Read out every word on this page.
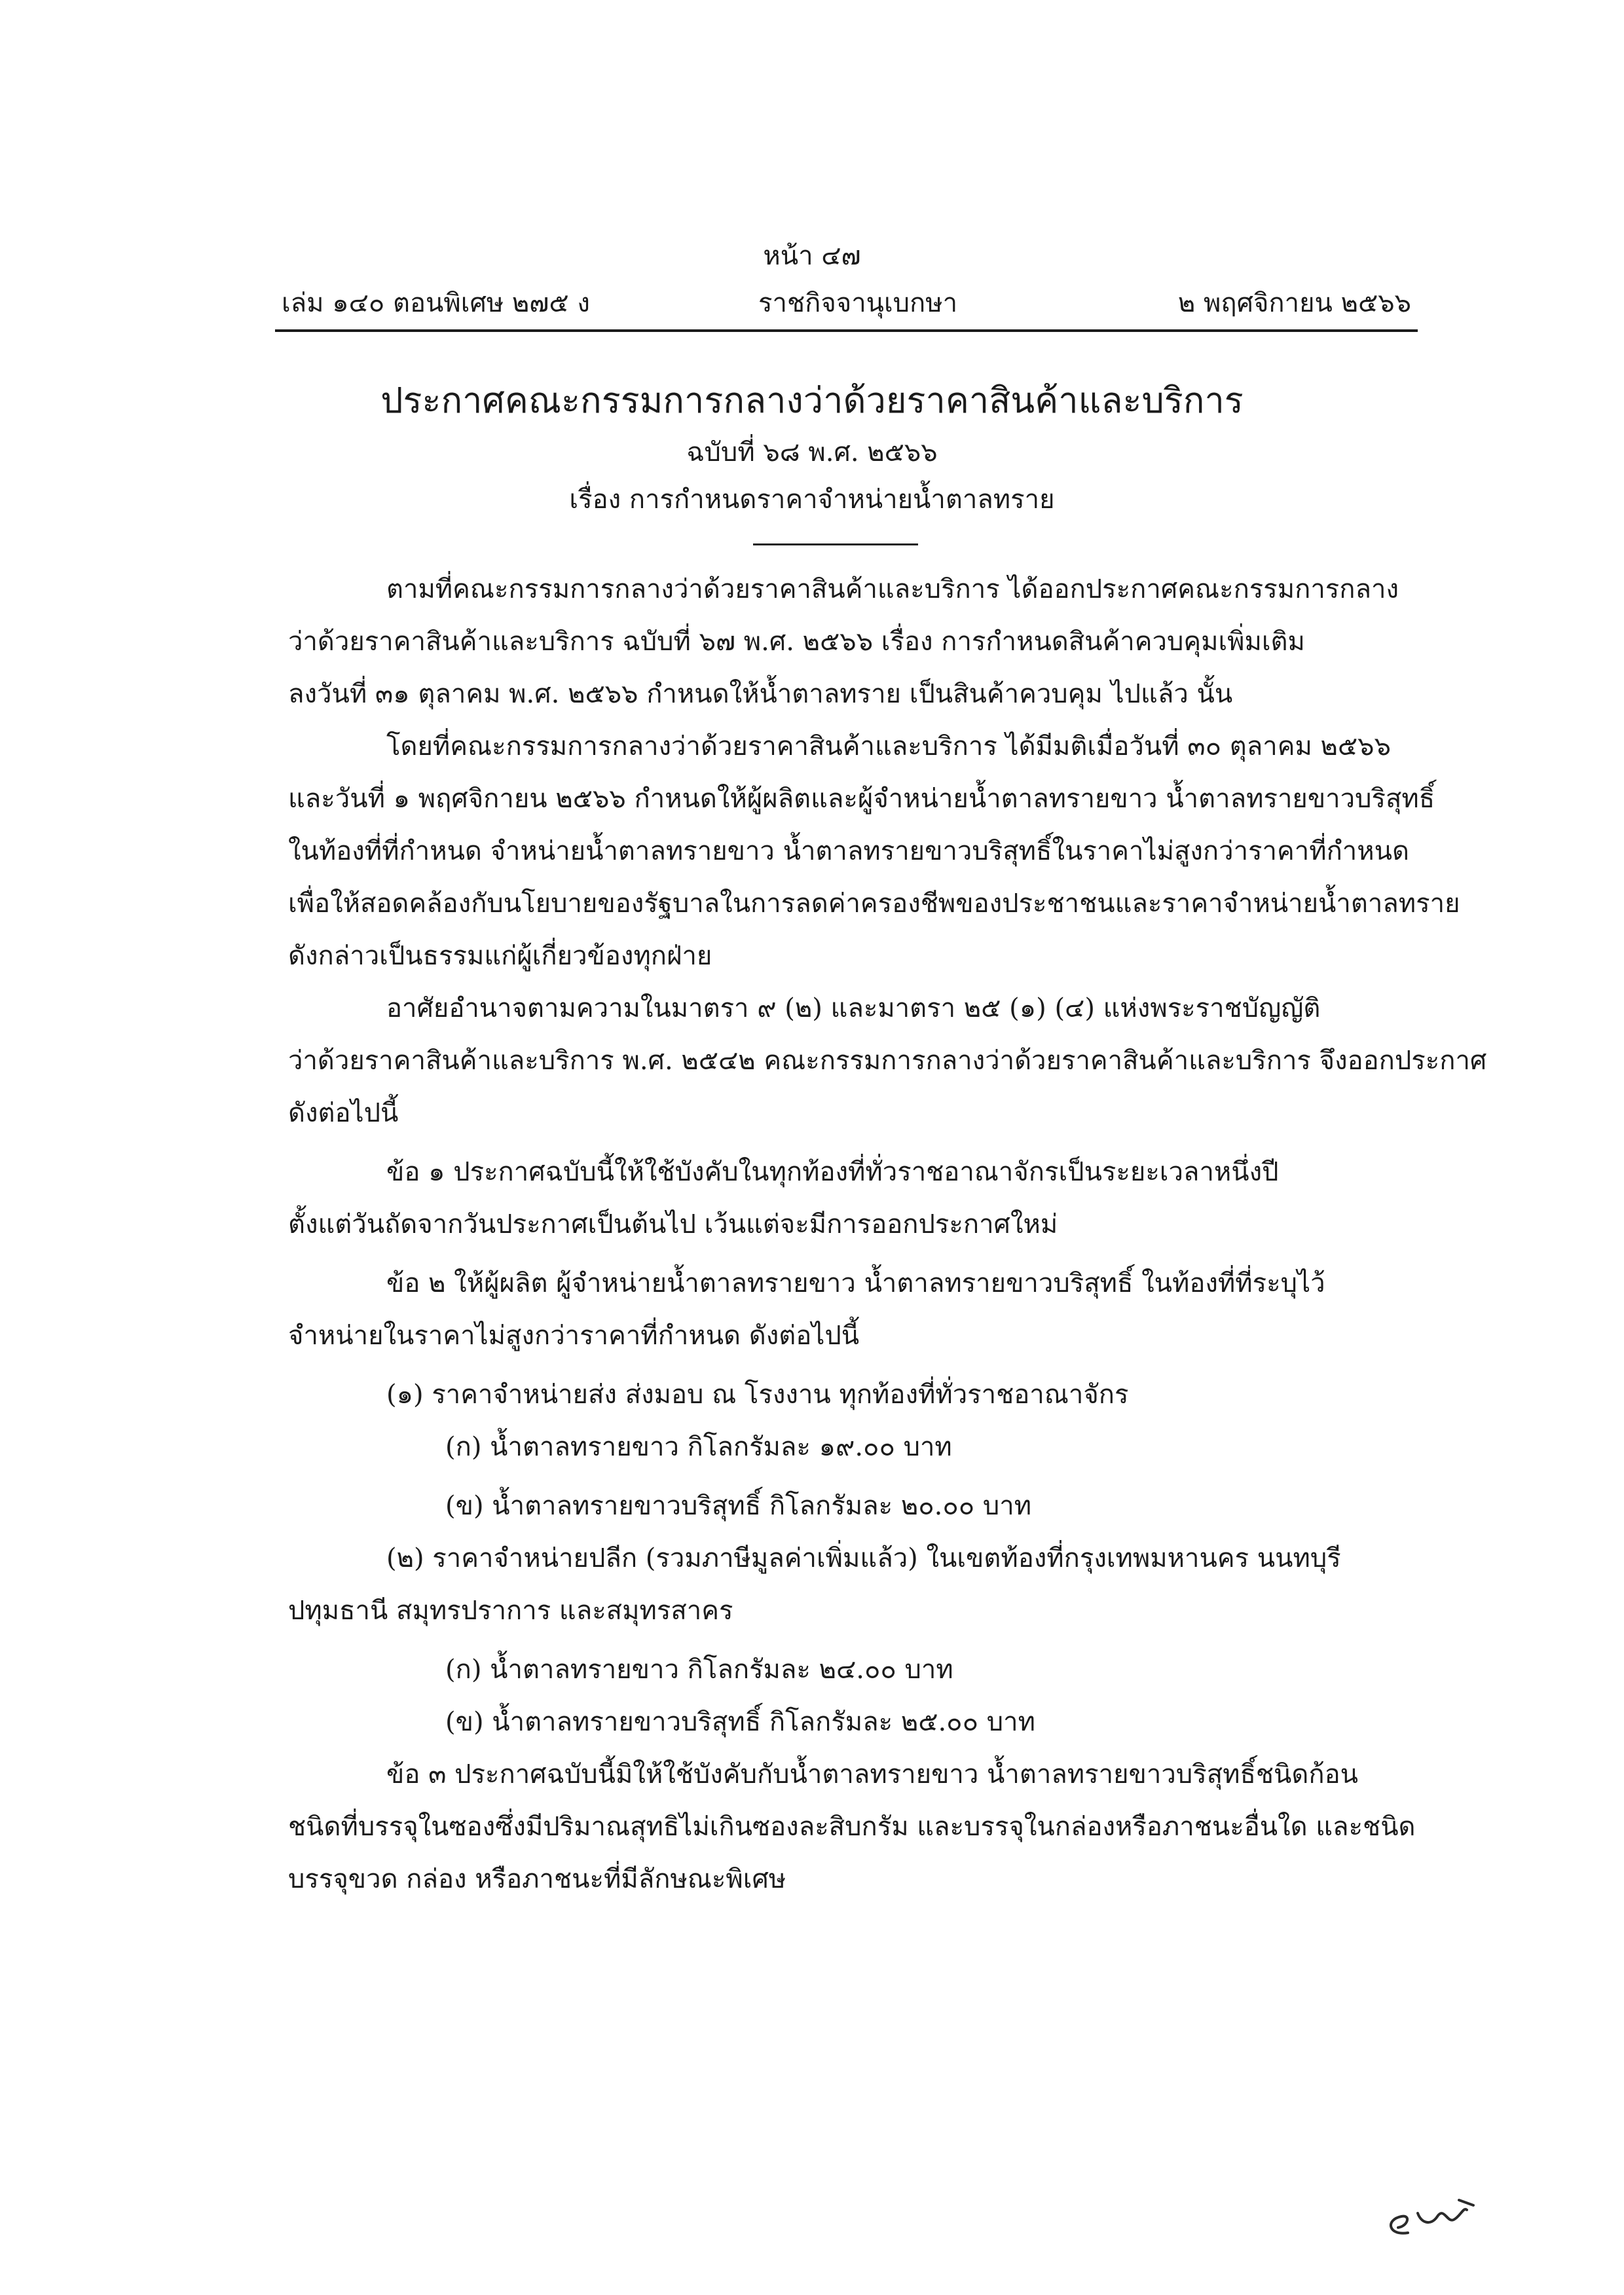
หน้า ๔๗
เล่ม ๑๔๐ ตอนพิเศษ ๒๗๕ ง	ราชกิจจานุเบกษา	๒ พฤศจิกายน ๒๕๖๖
ประกาศคณะกรรมการกลางว่าด้วยราคาสินค้าและบริการ
ฉบับที่ ๖๘ พ.ศ. ๒๕๖๖
เรื่อง การกำหนดราคาจำหน่ายน้ำตาลทราย
ตามที่คณะกรรมการกลางว่าด้วยราคาสินค้าและบริการ ได้ออกประกาศคณะกรรมการกลาง
ว่าด้วยราคาสินค้าและบริการ ฉบับที่ ๖๗ พ.ศ. ๒๕๖๖ เรื่อง การกำหนดสินค้าควบคุมเพิ่มเติม
ลงวันที่ ๓๑ ตุลาคม พ.ศ. ๒๕๖๖ กำหนดให้น้ำตาลทราย เป็นสินค้าควบคุม ไปแล้ว นั้น
โดยที่คณะกรรมการกลางว่าด้วยราคาสินค้าและบริการ ได้มีมติเมื่อวันที่ ๓๐ ตุลาคม ๒๕๖๖
และวันที่ ๑ พฤศจิกายน ๒๕๖๖ กำหนดให้ผู้ผลิตและผู้จำหน่ายน้ำตาลทรายขาว น้ำตาลทรายขาวบริสุทธิ์
ในท้องที่ที่กำหนด จำหน่ายน้ำตาลทรายขาว น้ำตาลทรายขาวบริสุทธิ์ในราคาไม่สูงกว่าราคาที่กำหนด
เพื่อให้สอดคล้องกับนโยบายของรัฐบาลในการลดค่าครองชีพของประชาชนและราคาจำหน่ายน้ำตาลทราย
ดังกล่าวเป็นธรรมแก่ผู้เกี่ยวข้องทุกฝ่าย
อาศัยอำนาจตามความในมาตรา ๙ (๒) และมาตรา ๒๕ (๑) (๔) แห่งพระราชบัญญัติ
ว่าด้วยราคาสินค้าและบริการ พ.ศ. ๒๕๔๒ คณะกรรมการกลางว่าด้วยราคาสินค้าและบริการ จึงออกประกาศ
ดังต่อไปนี้
ข้อ ๑ ประกาศฉบับนี้ให้ใช้บังคับในทุกท้องที่ทั่วราชอาณาจักรเป็นระยะเวลาหนึ่งปี
ตั้งแต่วันถัดจากวันประกาศเป็นต้นไป เว้นแต่จะมีการออกประกาศใหม่
ข้อ ๒ ให้ผู้ผลิต ผู้จำหน่ายน้ำตาลทรายขาว น้ำตาลทรายขาวบริสุทธิ์ ในท้องที่ที่ระบุไว้
จำหน่ายในราคาไม่สูงกว่าราคาที่กำหนด ดังต่อไปนี้
(๑) ราคาจำหน่ายส่ง ส่งมอบ ณ โรงงาน ทุกท้องที่ทั่วราชอาณาจักร
(ก) น้ำตาลทรายขาว กิโลกรัมละ ๑๙.๐๐ บาท
(ข) น้ำตาลทรายขาวบริสุทธิ์ กิโลกรัมละ ๒๐.๐๐ บาท
(๒) ราคาจำหน่ายปลีก (รวมภาษีมูลค่าเพิ่มแล้ว) ในเขตท้องที่กรุงเทพมหานคร นนทบุรี
ปทุมธานี สมุทรปราการ และสมุทรสาคร
(ก) น้ำตาลทรายขาว กิโลกรัมละ ๒๔.๐๐ บาท
(ข) น้ำตาลทรายขาวบริสุทธิ์ กิโลกรัมละ ๒๕.๐๐ บาท
ข้อ ๓ ประกาศฉบับนี้มิให้ใช้บังคับกับน้ำตาลทรายขาว น้ำตาลทรายขาวบริสุทธิ์ชนิดก้อน
ชนิดที่บรรจุในซองซึ่งมีปริมาณสุทธิไม่เกินซองละสิบกรัม และบรรจุในกล่องหรือภาชนะอื่นใด และชนิด
บรรจุขวด กล่อง หรือภาชนะที่มีลักษณะพิเศษ
